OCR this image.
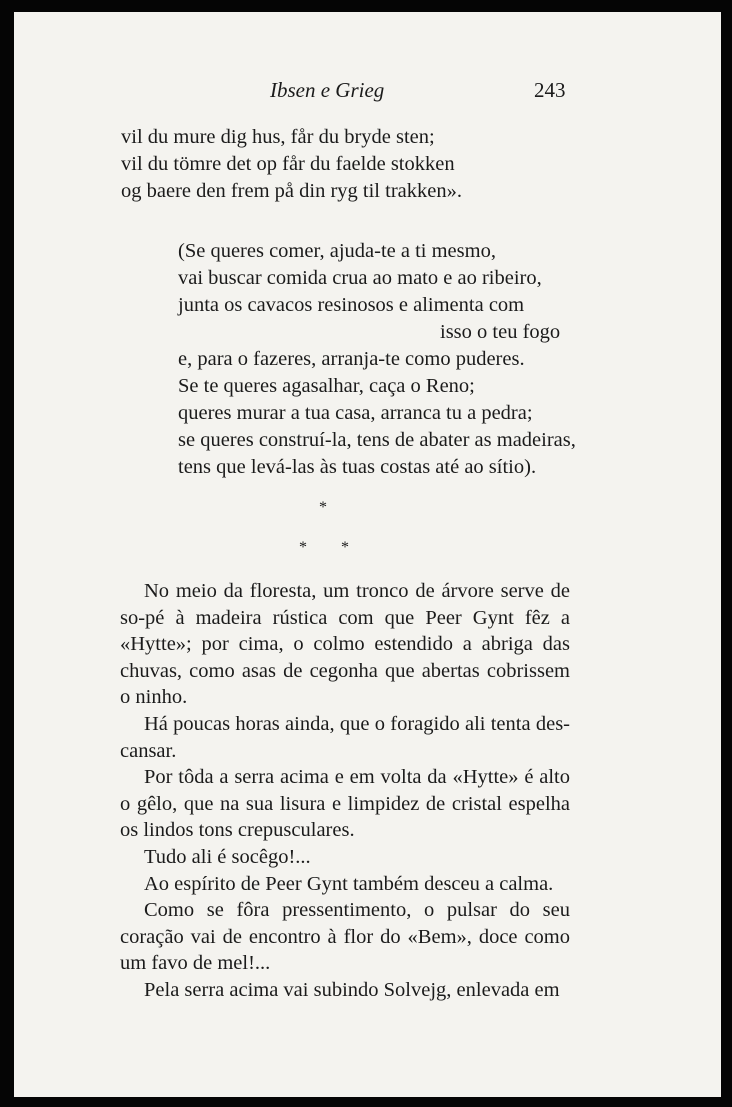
Ibsen e Grieg	243
vil du mure dig hus, får du bryde sten;
vil du tömre det op får du faelde stokken
og baere den frem på din ryg til trakken».
(Se queres comer, ajuda-te a ti mesmo,
vai buscar comida crua ao mato e ao ribeiro,
junta os cavacos resinosos e alimenta com
isso o teu fogo
e, para o fazeres, arranja-te como puderes.
Se te queres agasalhar, caça o Reno;
queres murar a tua casa, arranca tu a pedra;
se queres construí-la, tens de abater as madeiras,
tens que levá-las às tuas costas até ao sítio).
*
* *

No meio da floresta, um tronco de árvore serve de so-pé à madeira rústica com que Peer Gynt fêz a «Hytte»; por cima, o colmo estendido a abriga das chuvas, como asas de cegonha que abertas cobrissem o ninho.

Há poucas horas ainda, que o foragido ali tenta des-cansar.

Por tôda a serra acima e em volta da «Hytte» é alto o gêlo, que na sua lisura e limpidez de cristal espelha os lindos tons crepusculares.

Tudo ali é socêgo!...

Ao espírito de Peer Gynt também desceu a calma.

Como se fôra pressentimento, o pulsar do seu coração vai de encontro à flor do «Bem», doce como um favo de mel!...

Pela serra acima vai subindo Solvejg, enlevada em
